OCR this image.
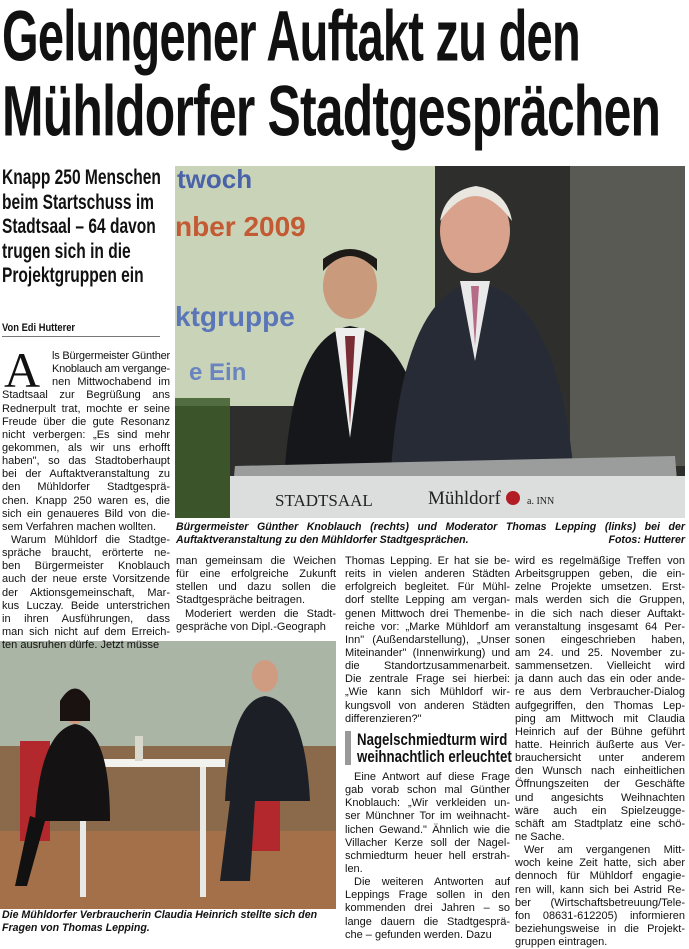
Gelungener Auftakt zu den
Mühldorfer Stadtgesprächen
Knapp 250 Menschen
beim Startschuss im
Stadtsaal – 64 davon
trugen sich in die
Projektgruppen ein
Von Edi Hutterer
twoch
nber 2009
ktgruppe
e Ein
STADTSAAL	Mühldorf	a. INN
Bürgermeister Günther Knoblauch (rechts) und Moderator Thomas Lepping (links) bei der
Auftaktveranstaltung zu den Mühldorfer Stadtgesprächen.	Fotos: Hutterer
Die Mühldorfer Verbraucherin Claudia Heinrich stellte sich den
Fragen von Thomas Lepping.
A	ls Bürgermeister Günther
Knoblauch am vergange-
nen Mittwochabend im
Stadtsaal zur Begrüßung ans
Rednerpult trat, mochte er seine
Freude über die gute Resonanz
nicht verbergen: „Es sind mehr
gekommen, als wir uns erhofft
haben", so das Stadtoberhaupt
bei der Auftaktveranstaltung zu
den Mühldorfer Stadtgesprä-
chen. Knapp 250 waren es, die
sich ein genaueres Bild von die-
sem Verfahren machen wollten.
Warum Mühldorf die Stadtge-
spräche braucht, erörterte ne-
ben Bürgermeister Knoblauch
auch der neue erste Vorsitzende
der Aktionsgemeinschaft, Mar-
kus Luczay. Beide unterstrichen
in ihren Ausführungen, dass
man sich nicht auf dem Erreich-
ten ausruhen dürfe. Jetzt müsse
man gemeinsam die Weichen
für eine erfolgreiche Zukunft
stellen und dazu sollen die
Stadtgespräche beitragen.
Moderiert werden die Stadt-
gespräche von Dipl.-Geograph
Thomas Lepping. Er hat sie be-
reits in vielen anderen Städten
erfolgreich begleitet. Für Mühl-
dorf stellte Lepping am vergan-
genen Mittwoch drei Themenbe-
reiche vor: „Marke Mühldorf am
Inn" (Außendarstellung), „Unser
Miteinander" (Innenwirkung) und
die Standortzusammenarbeit.
Die zentrale Frage sei hierbei:
„Wie kann sich Mühldorf wir-
kungsvoll von anderen Städten
differenzieren?"
Nagelschmiedturm wird
weihnachtlich erleuchtet
Eine Antwort auf diese Frage
gab vorab schon mal Günther
Knoblauch: „Wir verkleiden un-
ser Münchner Tor im weihnacht-
lichen Gewand." Ähnlich wie die
Villacher Kerze soll der Nagel-
schmiedturm heuer hell erstrah-
len.
Die weiteren Antworten auf
Leppings Frage sollen in den
kommenden drei Jahren – so
lange dauern die Stadtgesprä-
che – gefunden werden. Dazu
wird es regelmäßige Treffen von
Arbeitsgruppen geben, die ein-
zelne Projekte umsetzen. Erst-
mals werden sich die Gruppen,
in die sich nach dieser Auftakt-
veranstaltung insgesamt 64 Per-
sonen eingeschrieben haben,
am 24. und 25. November zu-
sammensetzen. Vielleicht wird
ja dann auch das ein oder ande-
re aus dem Verbraucher-Dialog
aufgegriffen, den Thomas Lep-
ping am Mittwoch mit Claudia
Heinrich auf der Bühne geführt
hatte. Heinrich äußerte aus Ver-
brauchersicht unter anderem
den Wunsch nach einheitlichen
Öffnungszeiten der Geschäfte
und angesichts Weihnachten
wäre auch ein Spielzeugge-
schäft am Stadtplatz eine schö-
ne Sache.
Wer am vergangenen Mitt-
woch keine Zeit hatte, sich aber
dennoch für Mühldorf engagie-
ren will, kann sich bei Astrid Re-
ber (Wirtschaftsbetreuung/Tele-
fon 08631-612205) informieren
beziehungsweise in die Projekt-
gruppen eintragen.
